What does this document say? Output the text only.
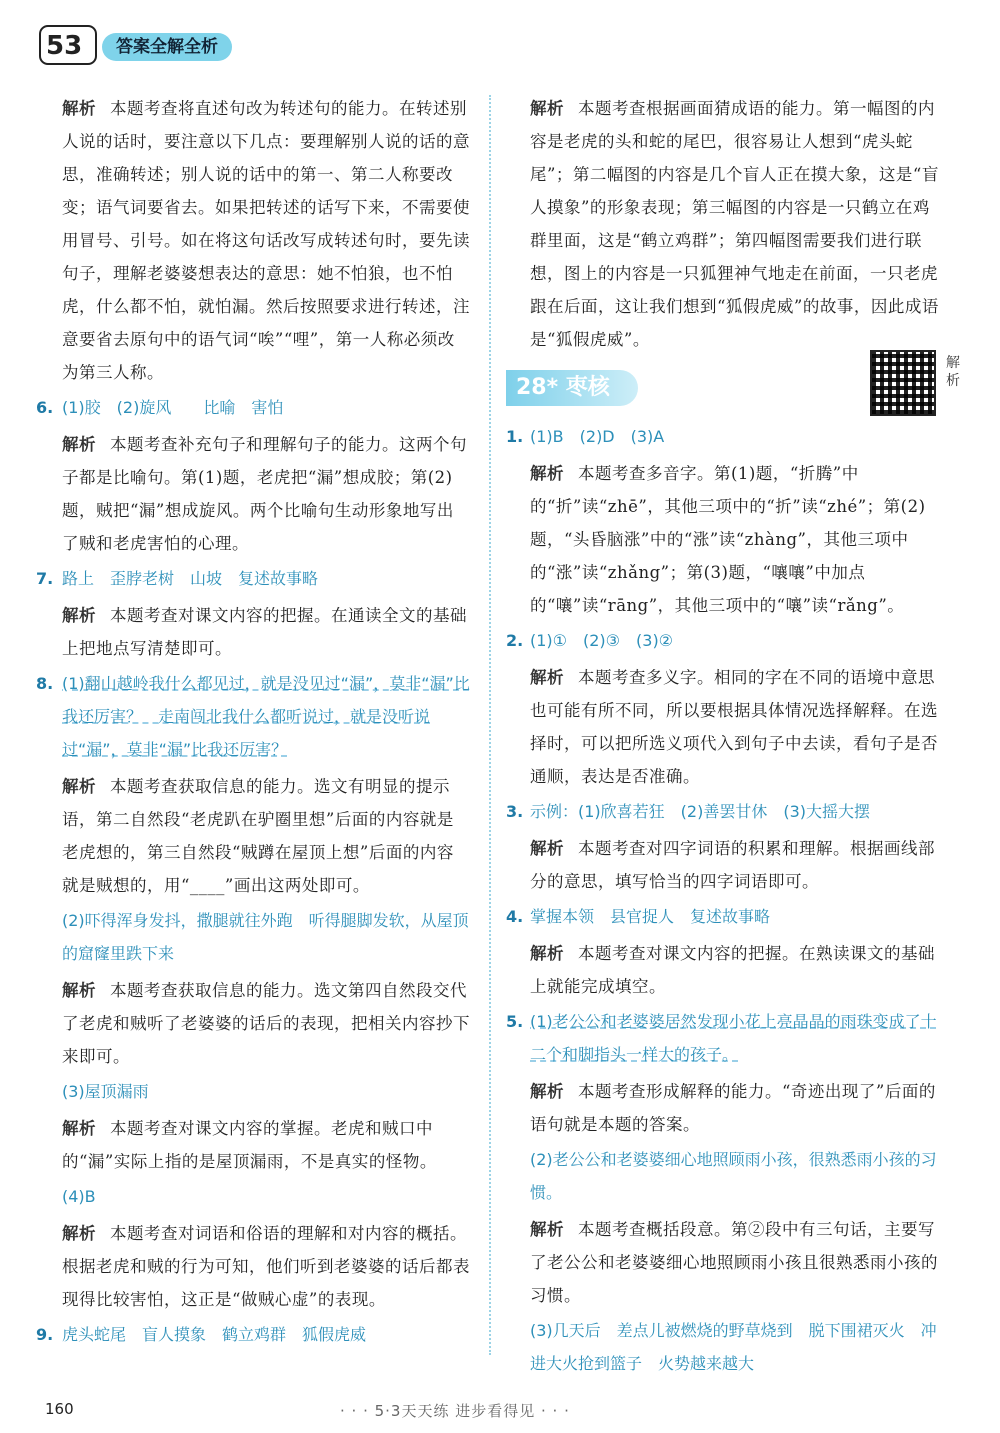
53	答案全解全析

解析 本题考查将直述句改为转述句的能力。在转述别人说的话时，要注意以下几点：要理解别人说的话的意思，准确转述；别人说的话中的第一、第二人称要改变；语气词要省去。如果把转述的话写下来，不需要使用冒号、引号。如在将这句话改写成转述句时，要先读句子，理解老婆婆想表达的意思：她不怕狼，也不怕虎，什么都不怕，就怕漏。然后按照要求进行转述，注意要省去原句中的语气词“唉”“哩”，第一人称必须改为第三人称。

6. (1)胶　(2)旋风　　比喻　害怕

解析 本题考查补充句子和理解句子的能力。这两个句子都是比喻句。第(1)题，老虎把“漏”想成胶；第(2)题，贼把“漏”想成旋风。两个比喻句生动形象地写出了贼和老虎害怕的心理。

7. 路上　歪脖老树　山坡　复述故事略

解析 本题考查对课文内容的把握。在通读全文的基础上把地点写清楚即可。

8. (1)翻山越岭我什么都见过，就是没见过“漏”，莫非“漏”比我还厉害？　走南闯北我什么都听说过，就是没听说过“漏”，莫非“漏”比我还厉害？

解析 本题考查获取信息的能力。选文有明显的提示语，第二自然段“老虎趴在驴圈里想”后面的内容就是老虎想的，第三自然段“贼蹲在屋顶上想”后面的内容就是贼想的，用“____”画出这两处即可。

(2)吓得浑身发抖，撒腿就往外跑　听得腿脚发软，从屋顶的窟窿里跌下来

解析 本题考查获取信息的能力。选文第四自然段交代了老虎和贼听了老婆婆的话后的表现，把相关内容抄下来即可。

(3)屋顶漏雨

解析 本题考查对课文内容的掌握。老虎和贼口中的“漏”实际上指的是屋顶漏雨，不是真实的怪物。

(4)B

解析 本题考查对词语和俗语的理解和对内容的概括。根据老虎和贼的行为可知，他们听到老婆婆的话后都表现得比较害怕，这正是“做贼心虚”的表现。

9. 虎头蛇尾　盲人摸象　鹤立鸡群　狐假虎威

解析 本题考查根据画面猜成语的能力。第一幅图的内容是老虎的头和蛇的尾巴，很容易让人想到“虎头蛇尾”；第二幅图的内容是几个盲人正在摸大象，这是“盲人摸象”的形象表现；第三幅图的内容是一只鹤立在鸡群里面，这是“鹤立鸡群”；第四幅图需要我们进行联想，图上的内容是一只狐狸神气地走在前面，一只老虎跟在后面，这让我们想到“狐假虎威”的故事，因此成语是“狐假虎威”。

28* 枣核
解析
1. (1)B　(2)D　(3)A

解析 本题考查多音字。第(1)题，“折腾”中的“折”读“zhē”，其他三项中的“折”读“zhé”；第(2)题，“头昏脑涨”中的“涨”读“zhàng”，其他三项中的“涨”读“zhǎng”；第(3)题，“嚷嚷”中加点的“嚷”读“rāng”，其他三项中的“嚷”读“rǎng”。

2. (1)①　(2)③　(3)②

解析 本题考查多义字。相同的字在不同的语境中意思也可能有所不同，所以要根据具体情况选择解释。在选择时，可以把所选义项代入到句子中去读，看句子是否通顺，表达是否准确。

3. 示例：(1)欣喜若狂　(2)善罢甘休　(3)大摇大摆

解析 本题考查对四字词语的积累和理解。根据画线部分的意思，填写恰当的四字词语即可。

4. 掌握本领　县官捉人　复述故事略

解析 本题考查对课文内容的把握。在熟读课文的基础上就能完成填空。

5. (1)老公公和老婆婆居然发现小花上亮晶晶的雨珠变成了十二个和脚指头一样大的孩子。

解析 本题考查形成解释的能力。“奇迹出现了”后面的语句就是本题的答案。

(2)老公公和老婆婆细心地照顾雨小孩，很熟悉雨小孩的习惯。

解析 本题考查概括段意。第②段中有三句话，主要写了老公公和老婆婆细心地照顾雨小孩且很熟悉雨小孩的习惯。

(3)几天后　差点儿被燃烧的野草烧到　脱下围裙灭火　冲进大火抢到篮子　火势越来越大
160	· · · 5·3天天练 进步看得见 · · ·
